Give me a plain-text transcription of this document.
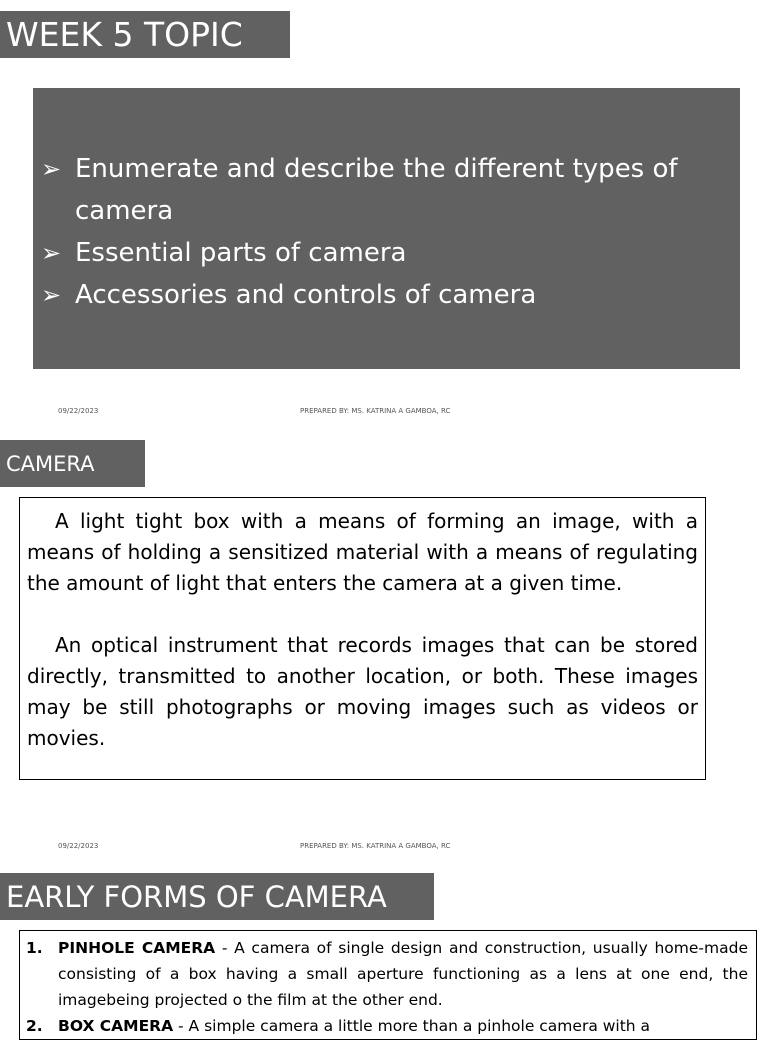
WEEK 5 TOPIC
➢ Enumerate and describe the different types of camera
➢ Essential parts of camera
➢ Accessories and controls of camera
09/22/2023	PREPARED BY: MS. KATRINA A GAMBOA, RC
CAMERA

A light tight box with a means of forming an image, with a means of holding a sensitized material with a means of regulating the amount of light that enters the camera at a given time.

An optical instrument that records images that can be stored directly, transmitted to another location, or both. These images may be still photographs or moving images such as videos or movies.

09/22/2023	PREPARED BY: MS. KATRINA A GAMBOA, RC
EARLY FORMS OF CAMERA
1. PINHOLE CAMERA - A camera of single design and construction, usually home-made consisting of a box having a small aperture functioning as a lens at one end, the imagebeing projected o the film at the other end.
2. BOX CAMERA - A simple camera a little more than a pinhole camera with a
